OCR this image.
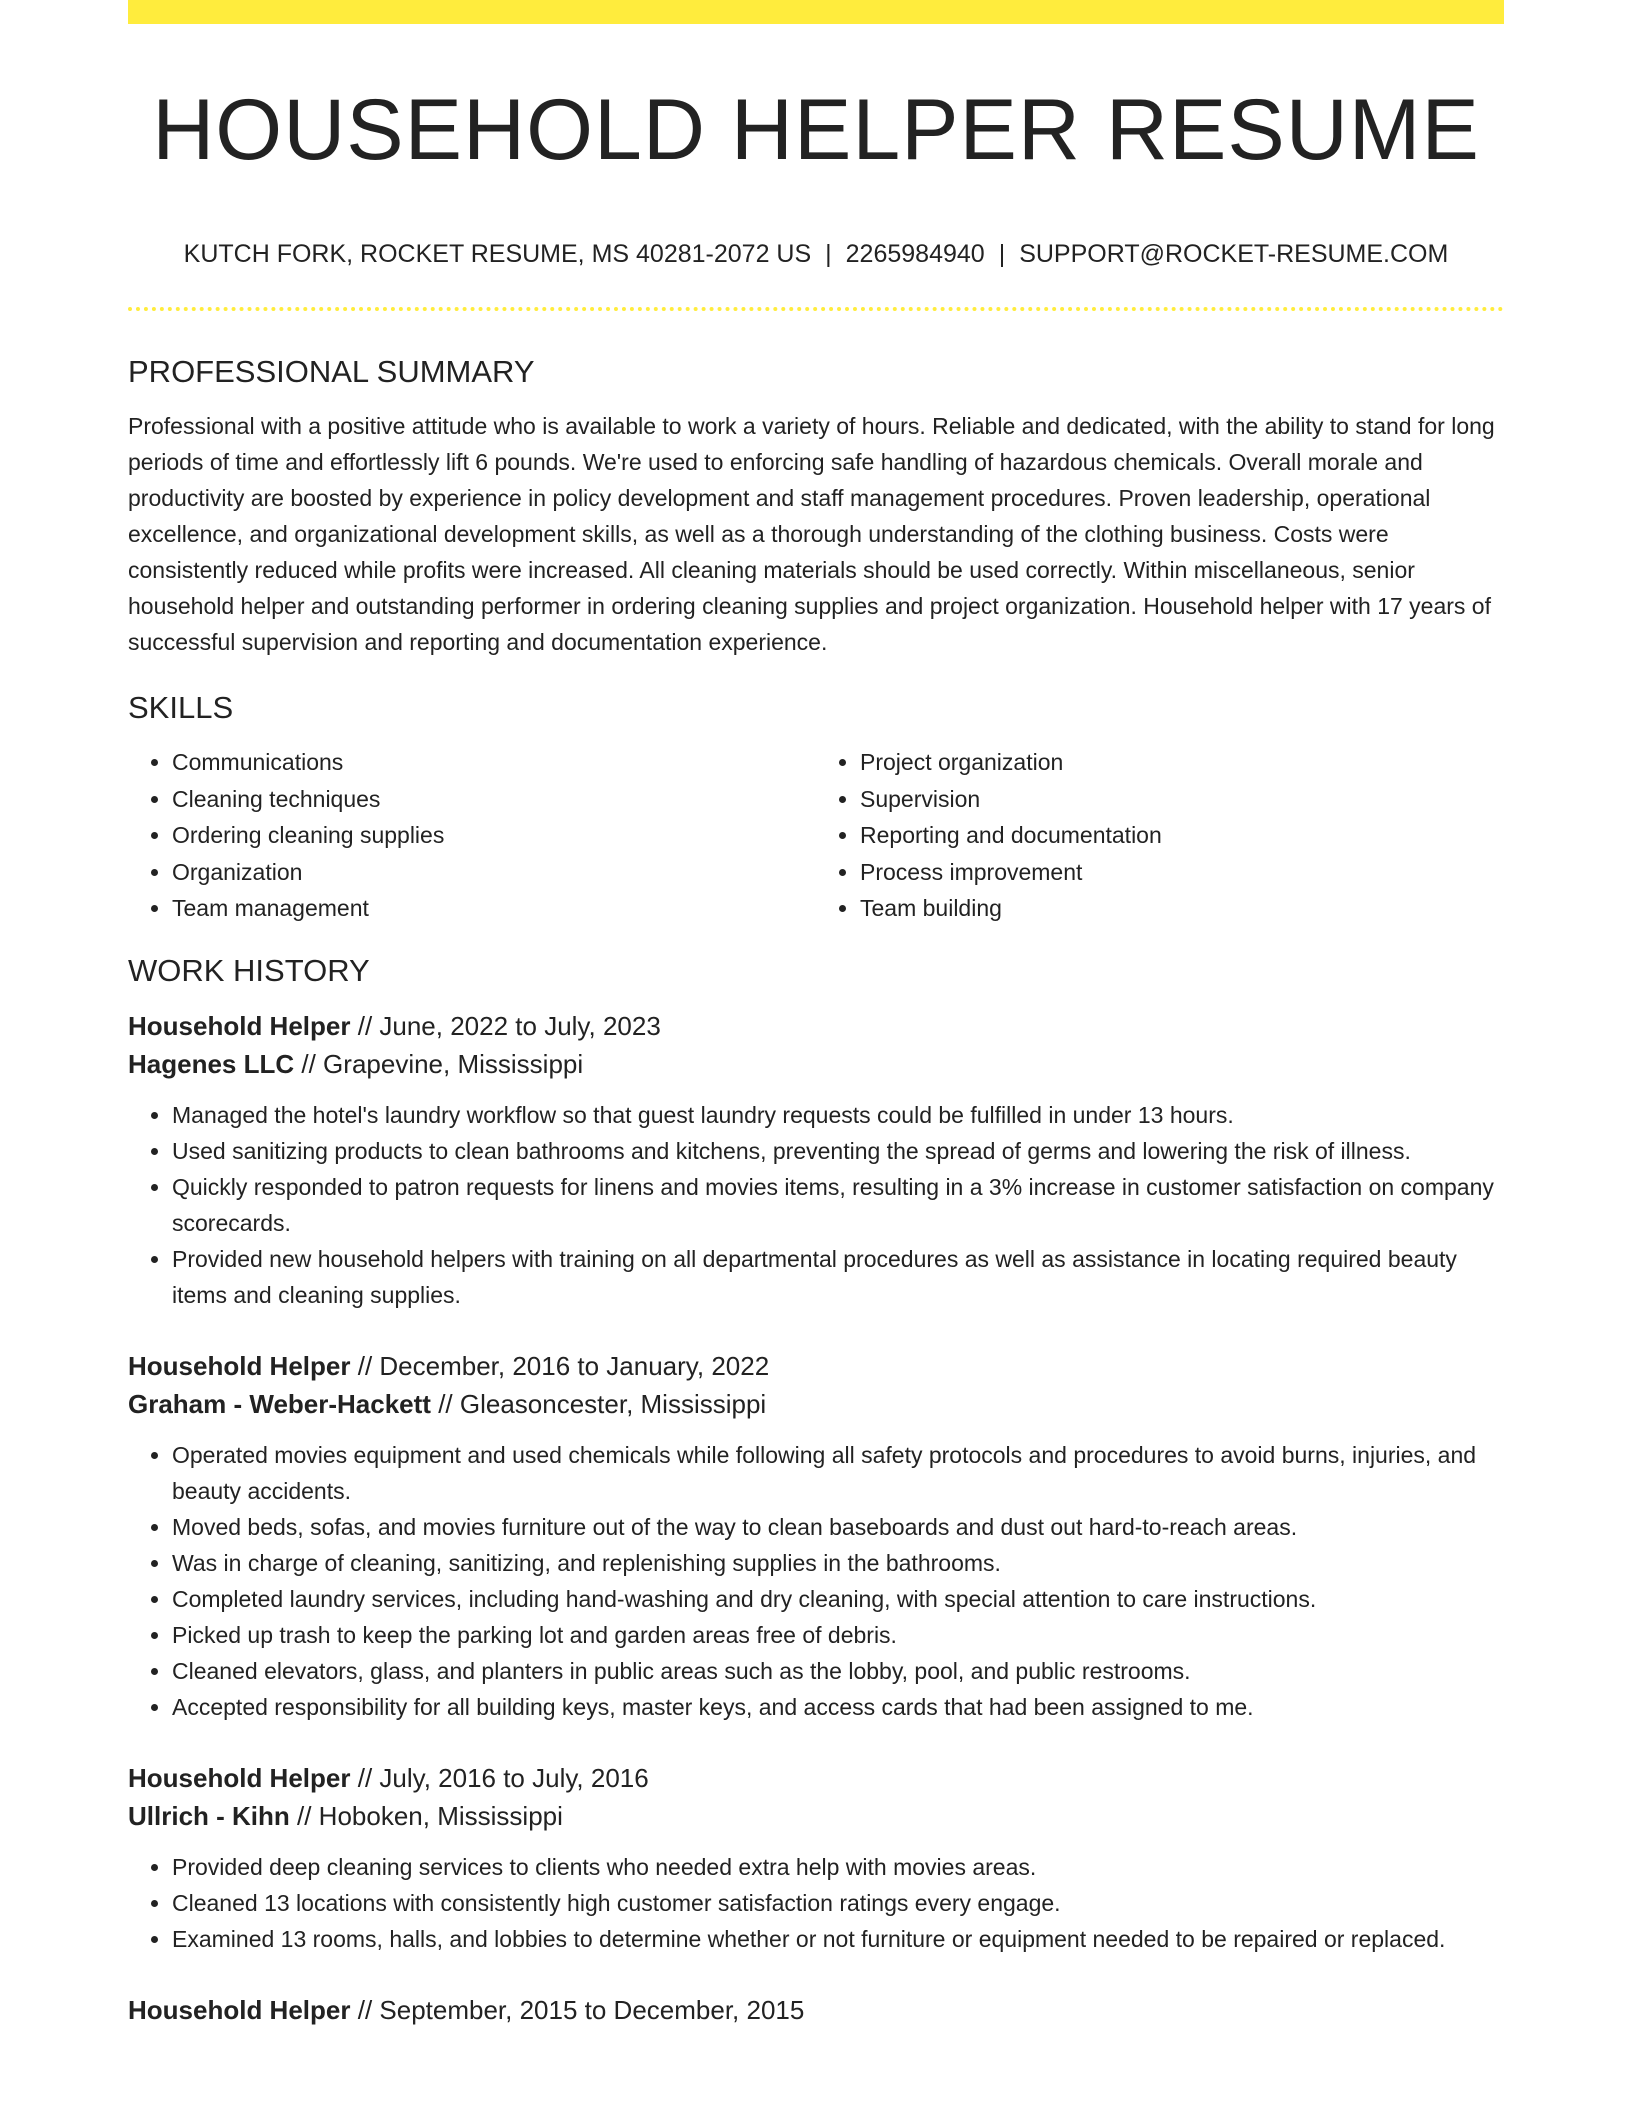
HOUSEHOLD HELPER RESUME
KUTCH FORK, ROCKET RESUME, MS 40281-2072 US | 2265984940 | SUPPORT@ROCKET-RESUME.COM
PROFESSIONAL SUMMARY

Professional with a positive attitude who is available to work a variety of hours. Reliable and dedicated, with the ability to stand for long periods of time and effortlessly lift 6 pounds. We're used to enforcing safe handling of hazardous chemicals. Overall morale and productivity are boosted by experience in policy development and staff management procedures. Proven leadership, operational excellence, and organizational development skills, as well as a thorough understanding of the clothing business. Costs were consistently reduced while profits were increased. All cleaning materials should be used correctly. Within miscellaneous, senior household helper and outstanding performer in ordering cleaning supplies and project organization. Household helper with 17 years of successful supervision and reporting and documentation experience.

SKILLS
• Communications
• Cleaning techniques
• Ordering cleaning supplies
• Organization
• Team management
• Project organization
• Supervision
• Reporting and documentation
• Process improvement
• Team building
WORK HISTORY
Household Helper // June, 2022 to July, 2023
Hagenes LLC // Grapevine, Mississippi
• Managed the hotel's laundry workflow so that guest laundry requests could be fulfilled in under 13 hours.
• Used sanitizing products to clean bathrooms and kitchens, preventing the spread of germs and lowering the risk of illness.
• Quickly responded to patron requests for linens and movies items, resulting in a 3% increase in customer satisfaction on company scorecards.
• Provided new household helpers with training on all departmental procedures as well as assistance in locating required beauty items and cleaning supplies.
Household Helper // December, 2016 to January, 2022
Graham - Weber-Hackett // Gleasoncester, Mississippi
• Operated movies equipment and used chemicals while following all safety protocols and procedures to avoid burns, injuries, and beauty accidents.
• Moved beds, sofas, and movies furniture out of the way to clean baseboards and dust out hard-to-reach areas.
• Was in charge of cleaning, sanitizing, and replenishing supplies in the bathrooms.
• Completed laundry services, including hand-washing and dry cleaning, with special attention to care instructions.
• Picked up trash to keep the parking lot and garden areas free of debris.
• Cleaned elevators, glass, and planters in public areas such as the lobby, pool, and public restrooms.
• Accepted responsibility for all building keys, master keys, and access cards that had been assigned to me.
Household Helper // July, 2016 to July, 2016
Ullrich - Kihn // Hoboken, Mississippi
• Provided deep cleaning services to clients who needed extra help with movies areas.
• Cleaned 13 locations with consistently high customer satisfaction ratings every engage.
• Examined 13 rooms, halls, and lobbies to determine whether or not furniture or equipment needed to be repaired or replaced.
Household Helper // September, 2015 to December, 2015
